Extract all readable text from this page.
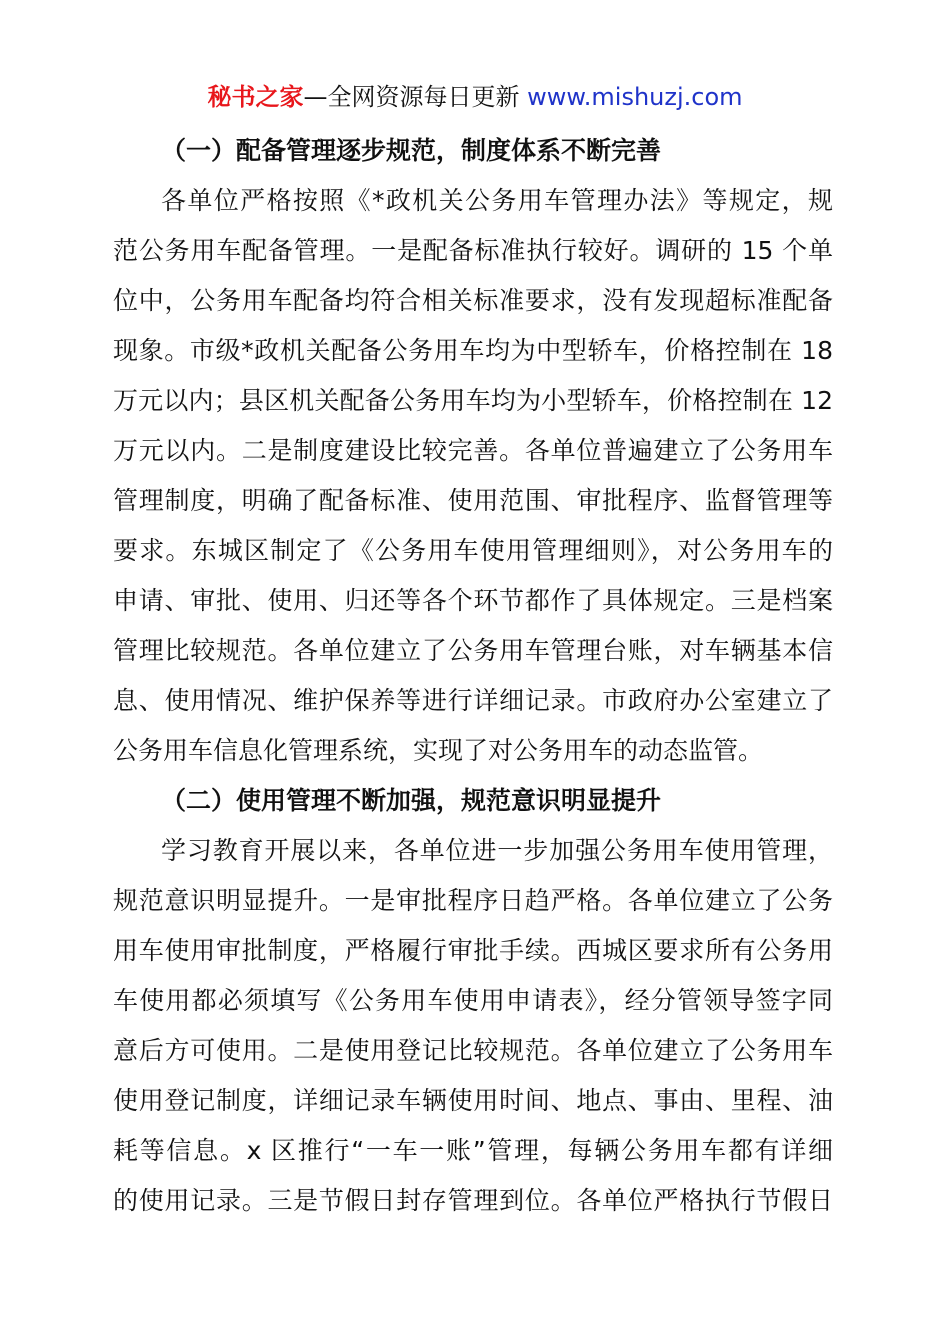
秘书之家—全网资源每日更新 www.mishuzj.com
（一）配备管理逐步规范，制度体系不断完善

各单位严格按照《*政机关公务用车管理办法》等规定，规
范公务用车配备管理。一是配备标准执行较好。调研的 15 个单
位中，公务用车配备均符合相关标准要求，没有发现超标准配备
现象。市级*政机关配备公务用车均为中型轿车，价格控制在 18
万元以内；县区机关配备公务用车均为小型轿车，价格控制在 12
万元以内。二是制度建设比较完善。各单位普遍建立了公务用车
管理制度，明确了配备标准、使用范围、审批程序、监督管理等
要求。东城区制定了《公务用车使用管理细则》，对公务用车的
申请、审批、使用、归还等各个环节都作了具体规定。三是档案
管理比较规范。各单位建立了公务用车管理台账，对车辆基本信
息、使用情况、维护保养等进行详细记录。市政府办公室建立了
公务用车信息化管理系统，实现了对公务用车的动态监管。

（二）使用管理不断加强，规范意识明显提升

学习教育开展以来，各单位进一步加强公务用车使用管理，
规范意识明显提升。一是审批程序日趋严格。各单位建立了公务
用车使用审批制度，严格履行审批手续。西城区要求所有公务用
车使用都必须填写《公务用车使用申请表》，经分管领导签字同
意后方可使用。二是使用登记比较规范。各单位建立了公务用车
使用登记制度，详细记录车辆使用时间、地点、事由、里程、油
耗等信息。x 区推行“一车一账”管理，每辆公务用车都有详细
的使用记录。三是节假日封存管理到位。各单位严格执行节假日
